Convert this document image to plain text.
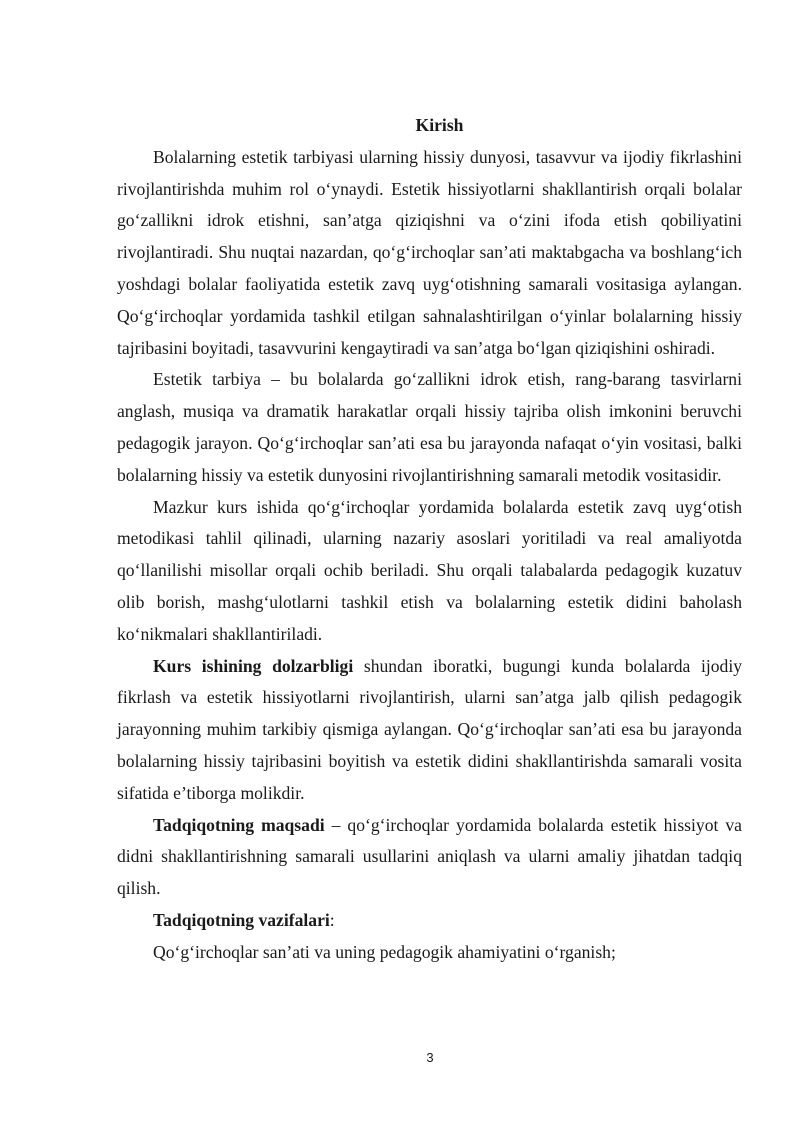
Kirish

Bolalarning estetik tarbiyasi ularning hissiy dunyosi, tasavvur va ijodiy fikrlashini rivojlantirishda muhim rol oʻynaydi. Estetik hissiyotlarni shakllantirish orqali bolalar goʻzallikni idrok etishni, san’atga qiziqishni va oʻzini ifoda etish qobiliyatini rivojlantiradi. Shu nuqtai nazardan, qoʻgʻirchoqlar san’ati maktabgacha va boshlangʻich yoshdagi bolalar faoliyatida estetik zavq uygʻotishning samarali vositasiga aylangan. Qoʻgʻirchoqlar yordamida tashkil etilgan sahnalashtirilgan oʻyinlar bolalarning hissiy tajribasini boyitadi, tasavvurini kengaytiradi va san’atga boʻlgan qiziqishini oshiradi.

Estetik tarbiya – bu bolalarda goʻzallikni idrok etish, rang-barang tasvirlarni anglash, musiqa va dramatik harakatlar orqali hissiy tajriba olish imkonini beruvchi pedagogik jarayon. Qoʻgʻirchoqlar san’ati esa bu jarayonda nafaqat oʻyin vositasi, balki bolalarning hissiy va estetik dunyosini rivojlantirishning samarali metodik vositasidir.

Mazkur kurs ishida qoʻgʻirchoqlar yordamida bolalarda estetik zavq uygʻotish metodikasi tahlil qilinadi, ularning nazariy asoslari yoritiladi va real amaliyotda qoʻllanilishi misollar orqali ochib beriladi. Shu orqali talabalarda pedagogik kuzatuv olib borish, mashgʻulotlarni tashkil etish va bolalarning estetik didini baholash koʻnikmalari shakllantiriladi.

Kurs ishining dolzarbligi shundan iboratki, bugungi kunda bolalarda ijodiy fikrlash va estetik hissiyotlarni rivojlantirish, ularni san’atga jalb qilish pedagogik jarayonning muhim tarkibiy qismiga aylangan. Qoʻgʻirchoqlar san’ati esa bu jarayonda bolalarning hissiy tajribasini boyitish va estetik didini shakllantirishda samarali vosita sifatida e’tiborga molikdir.

Tadqiqotning maqsadi – qoʻgʻirchoqlar yordamida bolalarda estetik hissiyot va didni shakllantirishning samarali usullarini aniqlash va ularni amaliy jihatdan tadqiq qilish.

Tadqiqotning vazifalari:

Qoʻgʻirchoqlar san’ati va uning pedagogik ahamiyatini oʻrganish;

3
